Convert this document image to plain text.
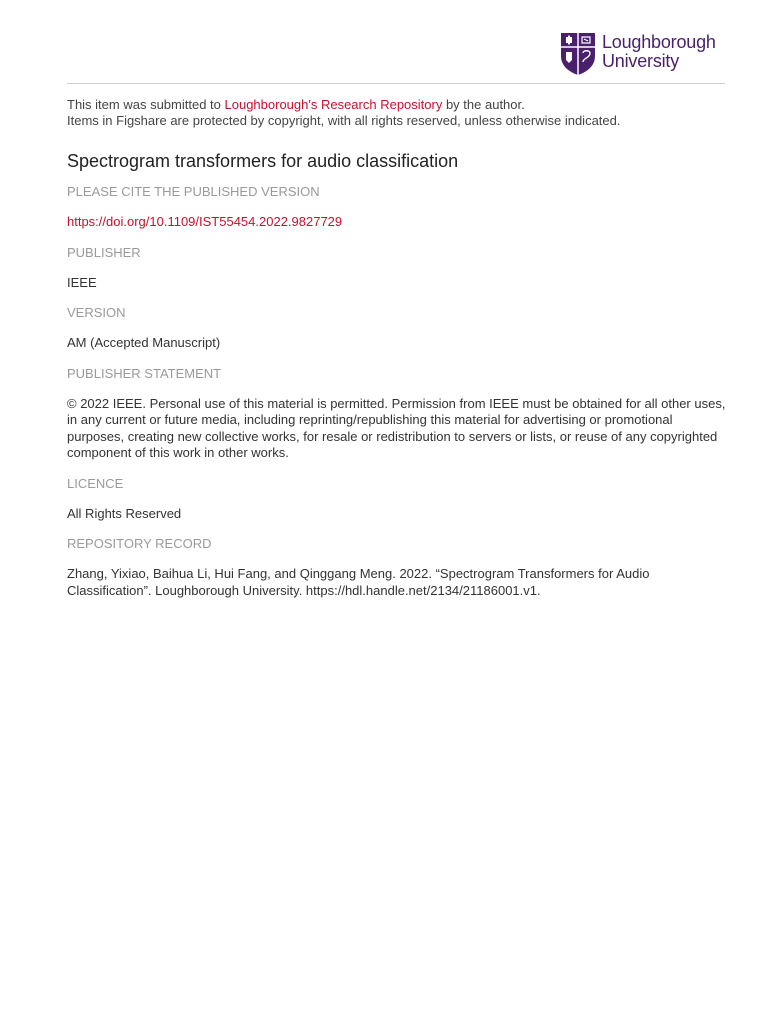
Loughborough
University

This item was submitted to Loughborough's Research Repository by the author.

Items in Figshare are protected by copyright, with all rights reserved, unless otherwise indicated.

Spectrogram transformers for audio classification

PLEASE CITE THE PUBLISHED VERSION

https://doi.org/10.1109/IST55454.2022.9827729

PUBLISHER

IEEE

VERSION

AM (Accepted Manuscript)

PUBLISHER STATEMENT

© 2022 IEEE. Personal use of this material is permitted. Permission from IEEE must be obtained for all other uses, in any current or future media, including reprinting/republishing this material for advertising or promotional purposes, creating new collective works, for resale or redistribution to servers or lists, or reuse of any copyrighted component of this work in other works.

LICENCE

All Rights Reserved

REPOSITORY RECORD

Zhang, Yixiao, Baihua Li, Hui Fang, and Qinggang Meng. 2022. “Spectrogram Transformers for Audio Classification”. Loughborough University. https://hdl.handle.net/2134/21186001.v1.
